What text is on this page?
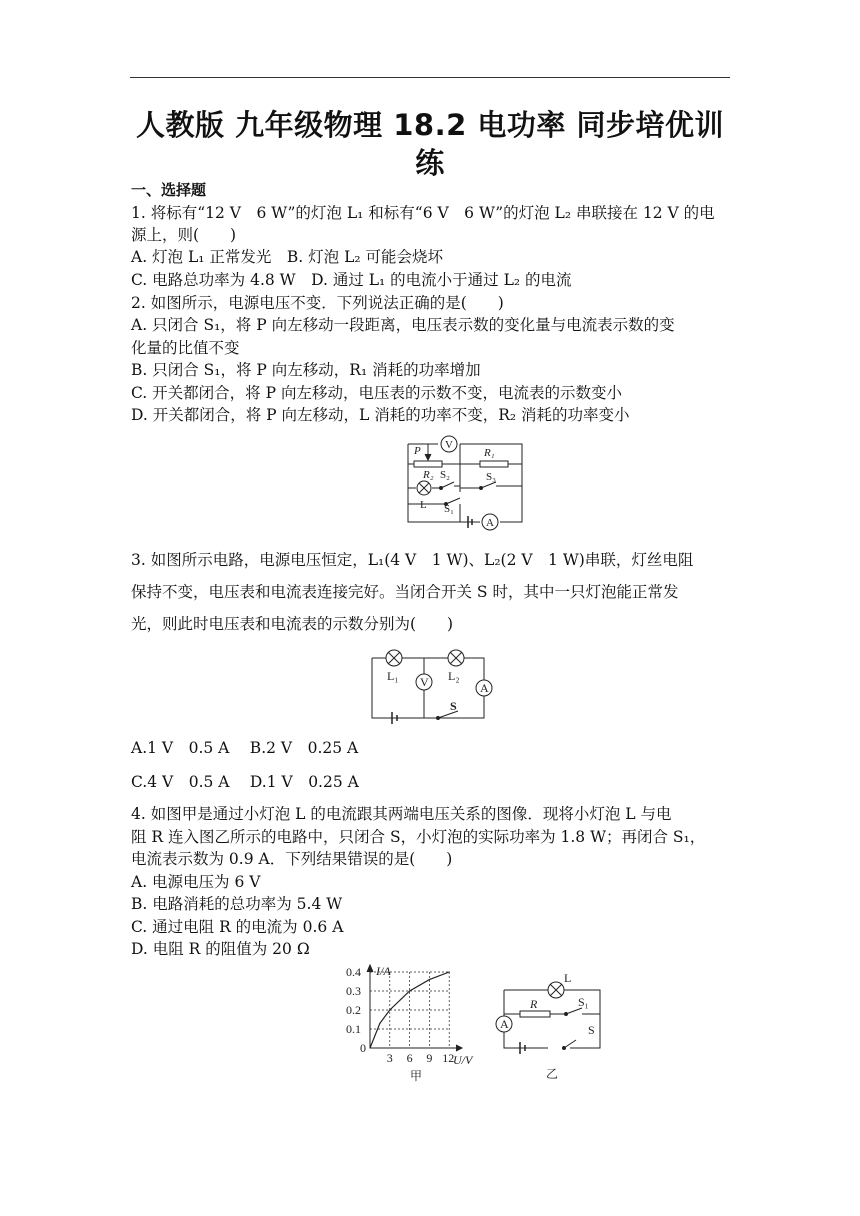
人教版 九年级物理 18.2 电功率 同步培优训
练
一、选择题
1. 将标有“12 V　6 W”的灯泡 L₁ 和标有“6 V　6 W”的灯泡 L₂ 串联接在 12 V 的电
源上，则(　　)
A. 灯泡 L₁ 正常发光　B. 灯泡 L₂ 可能会烧坏
C. 电路总功率为 4.8 W　D. 通过 L₁ 的电流小于通过 L₂ 的电流
2. 如图所示，电源电压不变．下列说法正确的是(　　)
A. 只闭合 S₁，将 P 向左移动一段距离，电压表示数的变化量与电流表示数的变
化量的比值不变
B. 只闭合 S₁，将 P 向左移动，R₁ 消耗的功率增加
C. 开关都闭合，将 P 向左移动，电压表的示数不变，电流表的示数变小
D. 开关都闭合，将 P 向左移动，L 消耗的功率不变，R₂ 消耗的功率变小
V
P	R₁
R₂ S₂
L
S₃
S₁
A
3. 如图所示电路，电源电压恒定，L₁(4 V　1 W)、L₂(2 V　1 W)串联，灯丝电阻
保持不变，电压表和电流表连接完好。当闭合开关 S 时，其中一只灯泡能正常发
光，则此时电压表和电流表的示数分别为(　　)
L₁	L₂
V	A
S
A.1 V　0.5 A　 B.2 V　0.25 A
C.4 V　0.5 A　 D.1 V　0.25 A
4. 如图甲是通过小灯泡 L 的电流跟其两端电压关系的图像．现将小灯泡 L 与电
阻 R 连入图乙所示的电路中，只闭合 S，小灯泡的实际功率为 1.8 W；再闭合 S₁，
电流表示数为 0.9 A．下列结果错误的是(　　)
A. 电源电压为 6 V
B. 电路消耗的总功率为 5.4 W
C. 通过电阻 R 的电流为 0.6 A
D. 电阻 R 的阻值为 20 Ω
I/A
U/V
3 6 9 12
0.4
0.3
0.2
0.1
0
甲
L
R	S₁
A	S
乙
